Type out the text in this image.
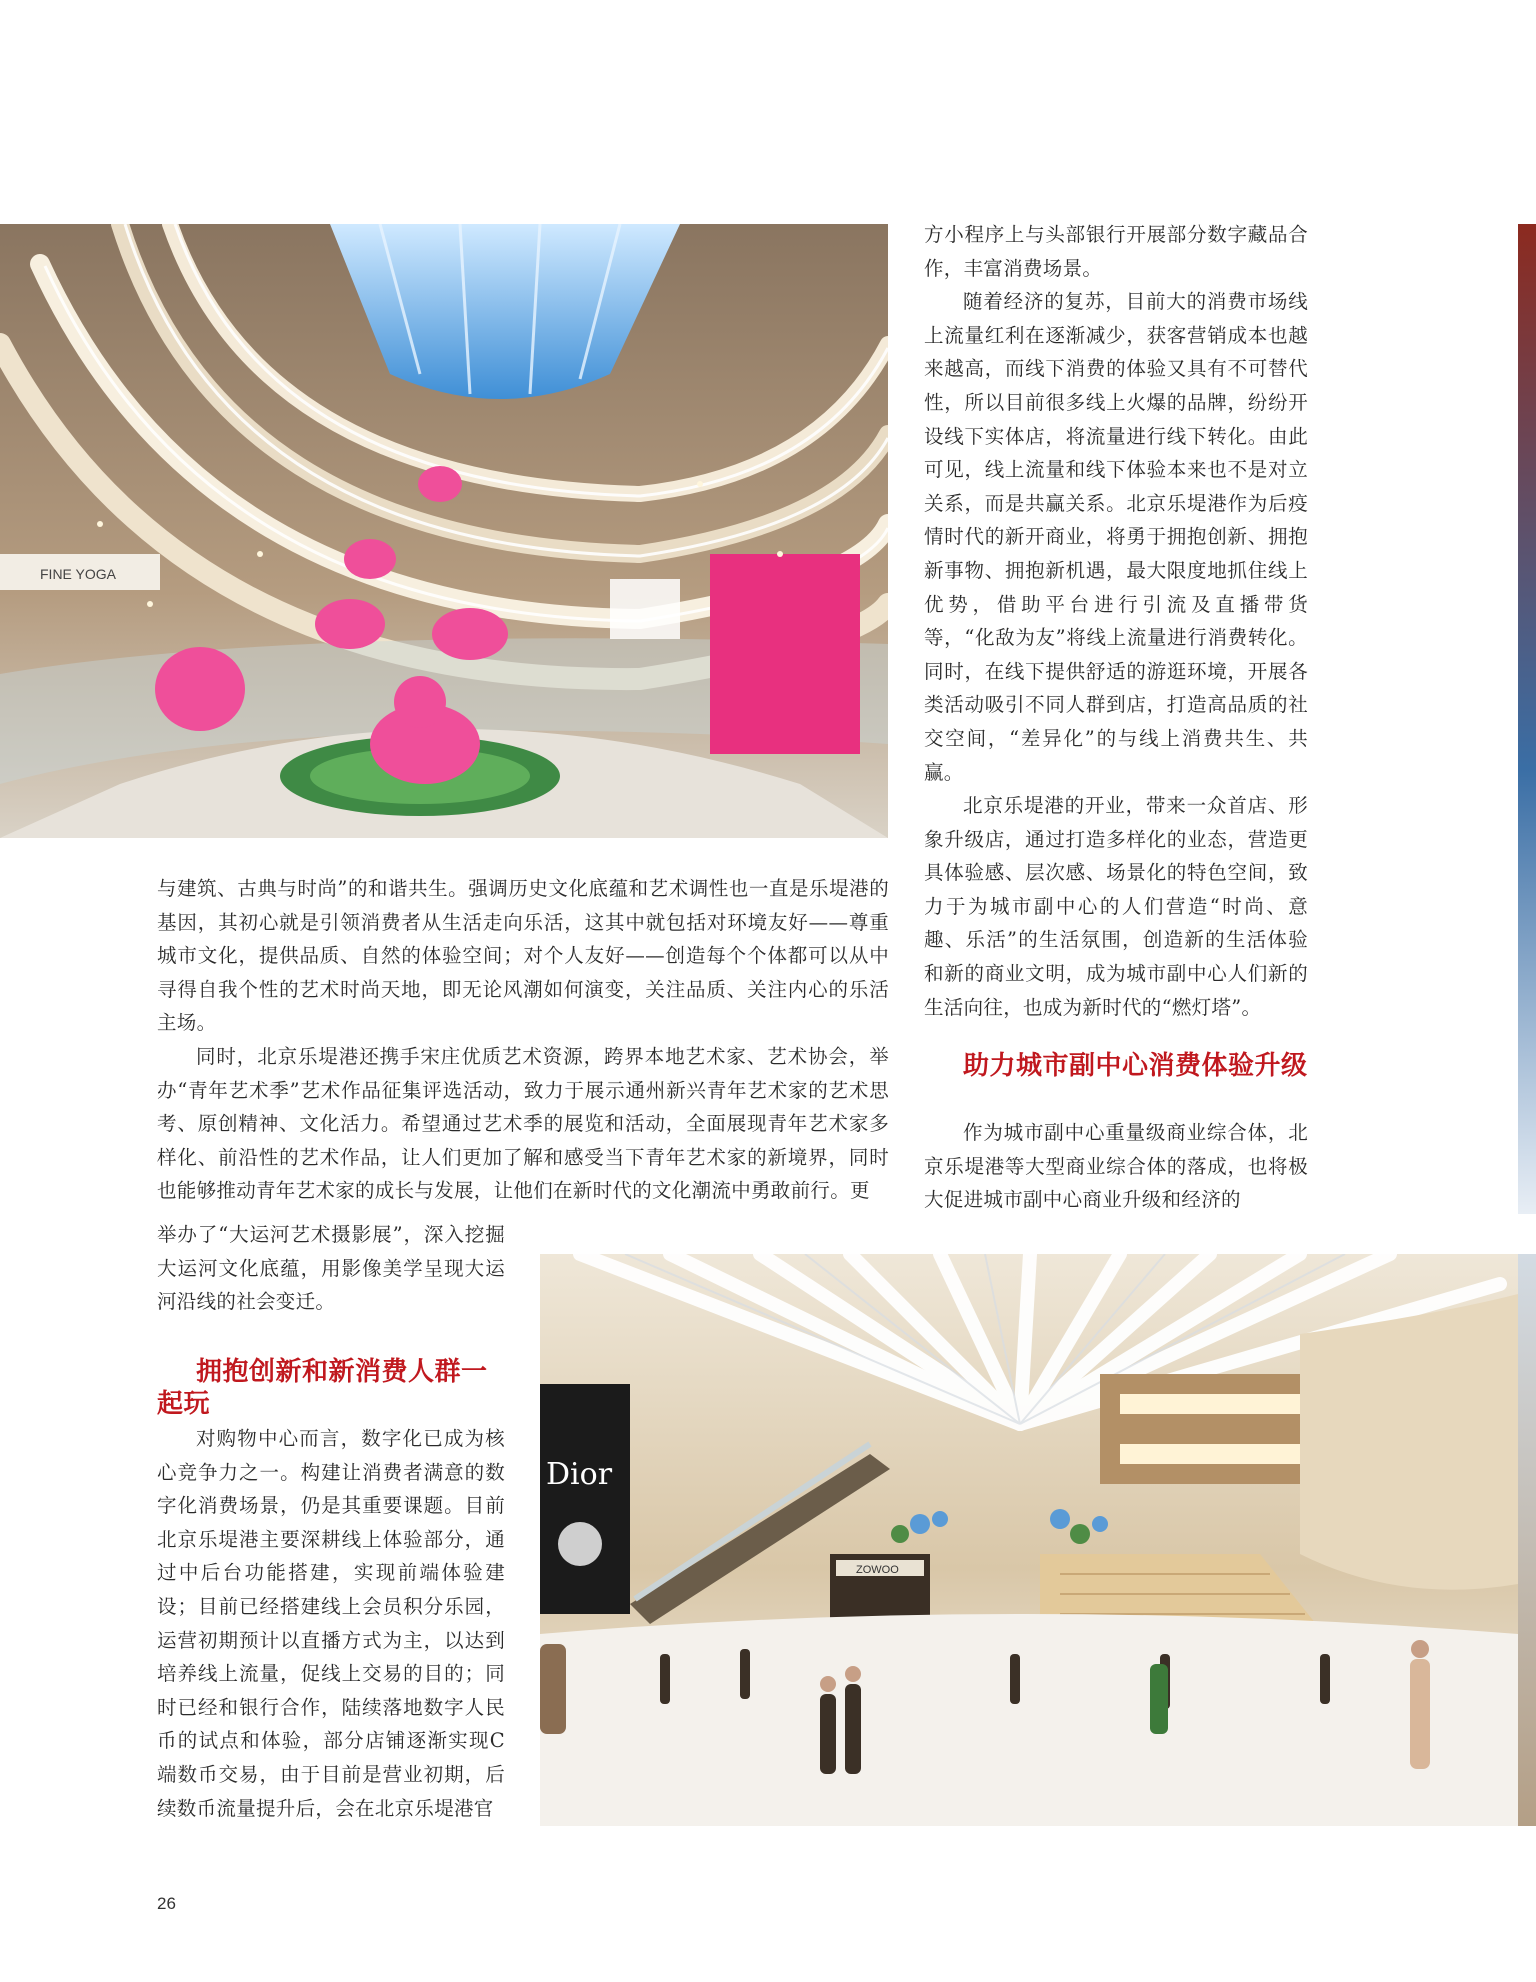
FINE YOGA

方小程序上与头部银行开展部分数字藏品合作，丰富消费场景。

随着经济的复苏，目前大的消费市场线上流量红利在逐渐减少，获客营销成本也越来越高，而线下消费的体验又具有不可替代性，所以目前很多线上火爆的品牌，纷纷开设线下实体店，将流量进行线下转化。由此可见，线上流量和线下体验本来也不是对立关系，而是共赢关系。北京乐堤港作为后疫情时代的新开商业，将勇于拥抱创新、拥抱新事物、拥抱新机遇，最大限度地抓住线上优势，借助平台进行引流及直播带货等，“化敌为友”将线上流量进行消费转化。同时，在线下提供舒适的游逛环境，开展各类活动吸引不同人群到店，打造高品质的社交空间，“差异化”的与线上消费共生、共赢。

北京乐堤港的开业，带来一众首店、形象升级店，通过打造多样化的业态，营造更具体验感、层次感、场景化的特色空间，致力于为城市副中心的人们营造“时尚、意趣、乐活”的生活氛围，创造新的生活体验和新的商业文明，成为城市副中心人们新的生活向往，也成为新时代的“燃灯塔”。

助力城市副中心消费体验升级

作为城市副中心重量级商业综合体，北京乐堤港等大型商业综合体的落成，也将极大促进城市副中心商业升级和经济的

与建筑、古典与时尚”的和谐共生。强调历史文化底蕴和艺术调性也一直是乐堤港的基因，其初心就是引领消费者从生活走向乐活，这其中就包括对环境友好——尊重城市文化，提供品质、自然的体验空间；对个人友好——创造每个个体都可以从中寻得自我个性的艺术时尚天地，即无论风潮如何演变，关注品质、关注内心的乐活主场。

同时，北京乐堤港还携手宋庄优质艺术资源，跨界本地艺术家、艺术协会，举办“青年艺术季”艺术作品征集评选活动，致力于展示通州新兴青年艺术家的艺术思考、原创精神、文化活力。希望通过艺术季的展览和活动，全面展现青年艺术家多样化、前沿性的艺术作品，让人们更加了解和感受当下青年艺术家的新境界，同时也能够推动青年艺术家的成长与发展，让他们在新时代的文化潮流中勇敢前行。更

举办了“大运河艺术摄影展”，深入挖掘大运河文化底蕴，用影像美学呈现大运河沿线的社会变迁。

拥抱创新和新消费人群一起玩

对购物中心而言，数字化已成为核心竞争力之一。构建让消费者满意的数字化消费场景，仍是其重要课题。目前北京乐堤港主要深耕线上体验部分，通过中后台功能搭建，实现前端体验建设；目前已经搭建线上会员积分乐园，运营初期预计以直播方式为主，以达到培养线上流量，促线上交易的目的；同时已经和银行合作，陆续落地数字人民币的试点和体验，部分店铺逐渐实现C端数币交易，由于目前是营业初期，后续数币流量提升后，会在北京乐堤港官

Dior
ZOWOO
26
